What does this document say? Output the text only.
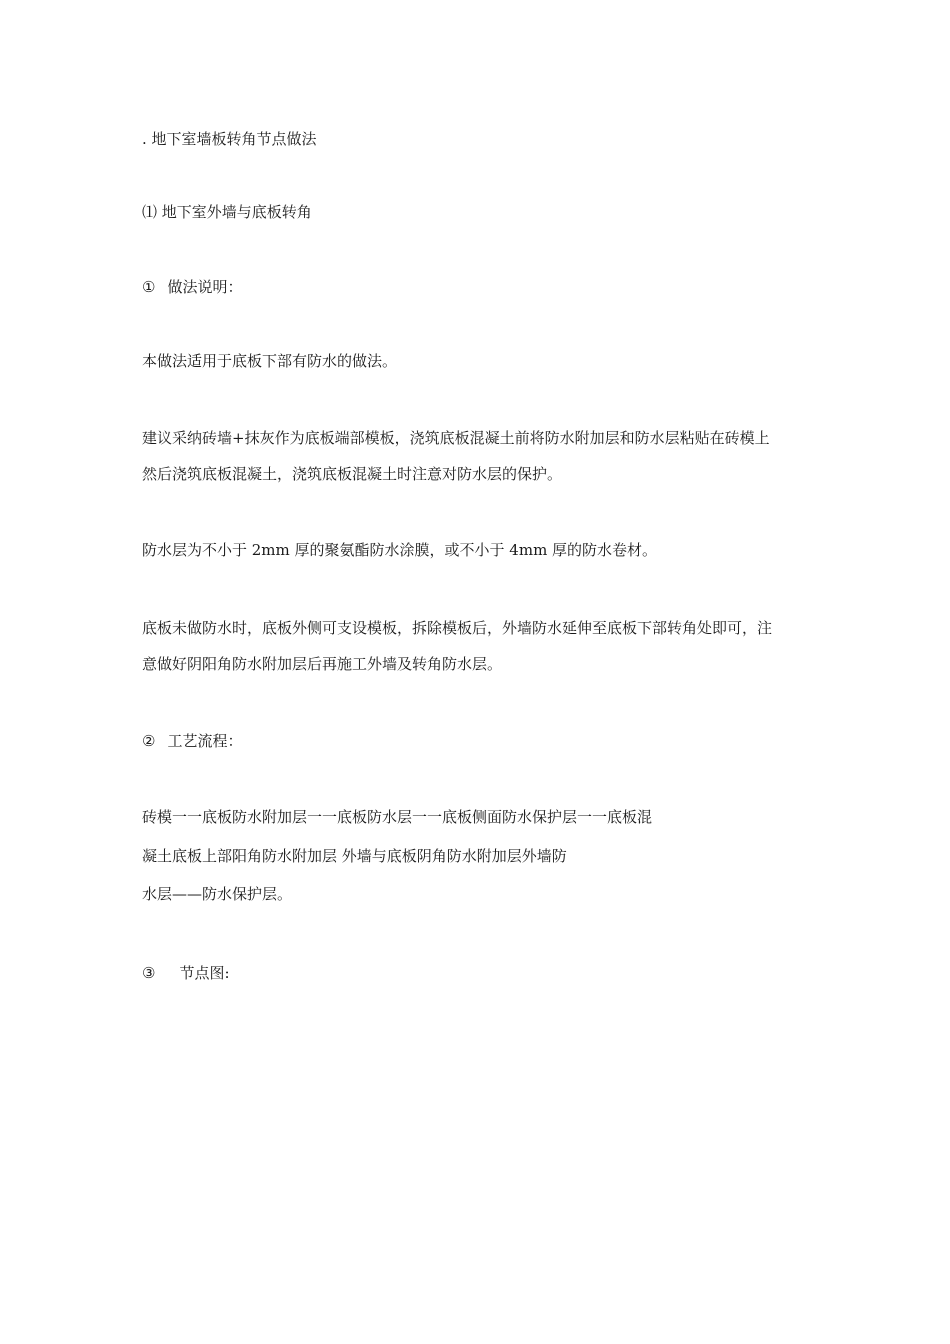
. 地下室墙板转角节点做法
⑴ 地下室外墙与底板转角
① 做法说明：
本做法适用于底板下部有防水的做法。
建议采纳砖墙+抹灰作为底板端部模板，浇筑底板混凝土前将防水附加层和防水层粘贴在砖模上
然后浇筑底板混凝土，浇筑底板混凝土时注意对防水层的保护。
防水层为不小于 2mm 厚的聚氨酯防水涂膜，或不小于 4mm 厚的防水卷材。
底板未做防水时，底板外侧可支设模板，拆除模板后，外墙防水延伸至底板下部转角处即可，注
意做好阴阳角防水附加层后再施工外墙及转角防水层。
② 工艺流程：
砖模一一底板防水附加层一一底板防水层一一底板侧面防水保护层一一底板混
凝土底板上部阳角防水附加层 外墙与底板阴角防水附加层外墙防
水层——防水保护层。
③ 节点图:
